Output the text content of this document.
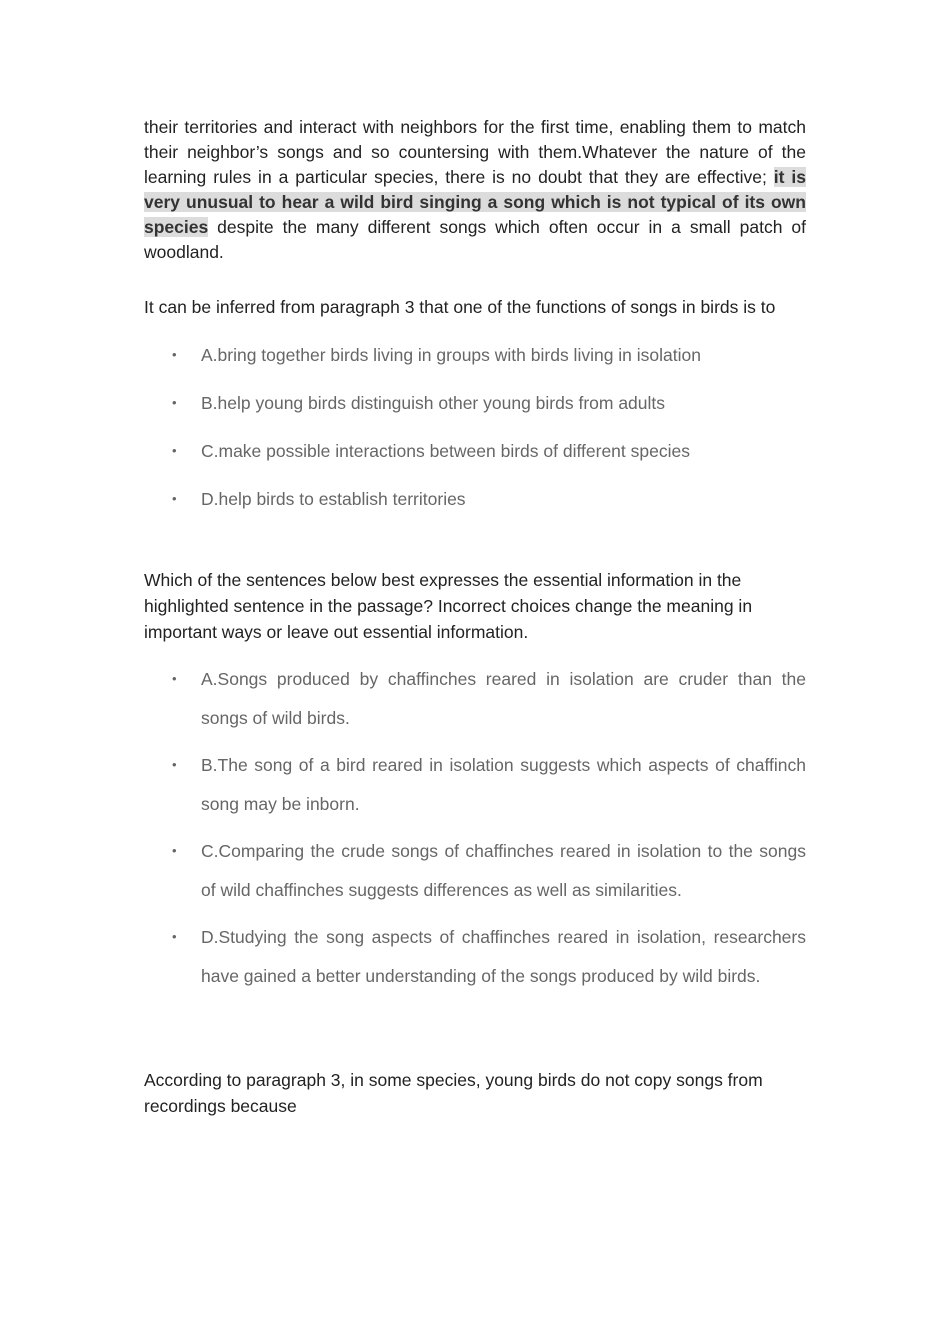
their territories and interact with neighbors for the first time, enabling them to match their neighbor’s songs and so countersing with them.Whatever the nature of the learning rules in a particular species, there is no doubt that they are effective; it is very unusual to hear a wild bird singing a song which is not typical of its own species despite the many different songs which often occur in a small patch of woodland.

It can be inferred from paragraph 3 that one of the functions of songs in birds is to

• A.bring together birds living in groups with birds living in isolation
• B.help young birds distinguish other young birds from adults
• C.make possible interactions between birds of different species
• D.help birds to establish territories

Which of the sentences below best expresses the essential information in the highlighted sentence in the passage? Incorrect choices change the meaning in important ways or leave out essential information.

• A.Songs produced by chaffinches reared in isolation are cruder than the songs of wild birds.
• B.The song of a bird reared in isolation suggests which aspects of chaffinch song may be inborn.
• C.Comparing the crude songs of chaffinches reared in isolation to the songs of wild chaffinches suggests differences as well as similarities.
• D.Studying the song aspects of chaffinches reared in isolation, researchers have gained a better understanding of the songs produced by wild birds.

According to paragraph 3, in some species, young birds do not copy songs from recordings because
